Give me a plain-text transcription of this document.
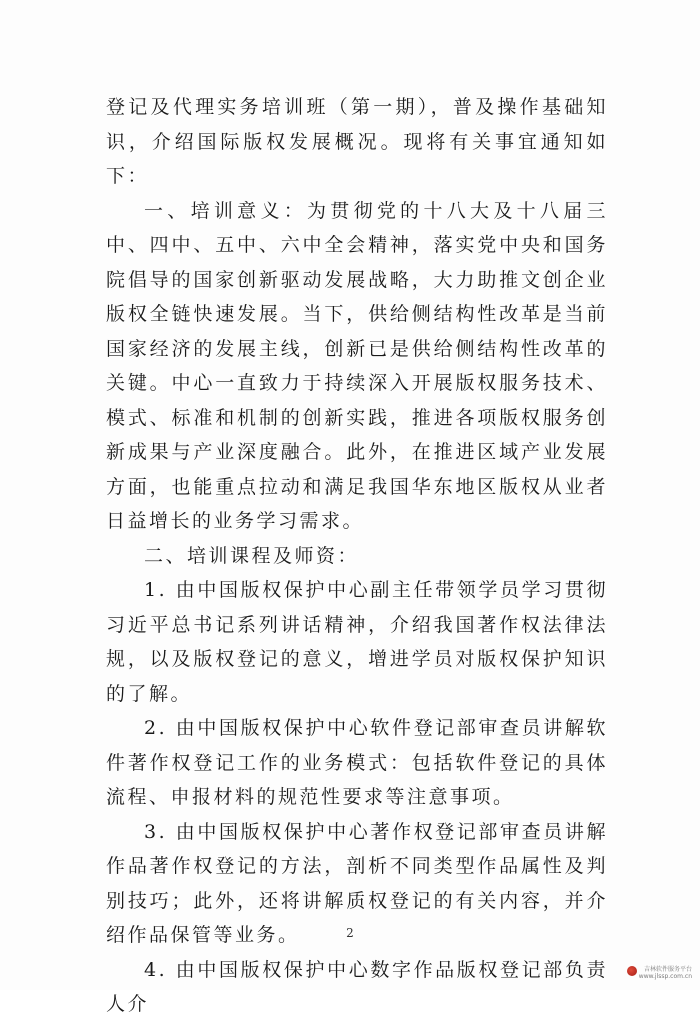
登记及代理实务培训班（第一期），普及操作基础知识，介绍国际版权发展概况。现将有关事宜通知如下：

一、培训意义：为贯彻党的十八大及十八届三中、四中、五中、六中全会精神，落实党中央和国务院倡导的国家创新驱动发展战略，大力助推文创企业版权全链快速发展。当下，供给侧结构性改革是当前国家经济的发展主线，创新已是供给侧结构性改革的关键。中心一直致力于持续深入开展版权服务技术、模式、标准和机制的创新实践，推进各项版权服务创新成果与产业深度融合。此外，在推进区域产业发展方面，也能重点拉动和满足我国华东地区版权从业者日益增长的业务学习需求。

二、培训课程及师资：

1. 由中国版权保护中心副主任带领学员学习贯彻习近平总书记系列讲话精神，介绍我国著作权法律法规，以及版权登记的意义，增进学员对版权保护知识的了解。

2. 由中国版权保护中心软件登记部审查员讲解软件著作权登记工作的业务模式：包括软件登记的具体流程、申报材料的规范性要求等注意事项。

3. 由中国版权保护中心著作权登记部审查员讲解作品著作权登记的方法，剖析不同类型作品属性及判别技巧；此外，还将讲解质权登记的有关内容，并介绍作品保管等业务。

4. 由中国版权保护中心数字作品版权登记部负责人介

2
吉林软件服务平台
www.jlssp.com.cn
